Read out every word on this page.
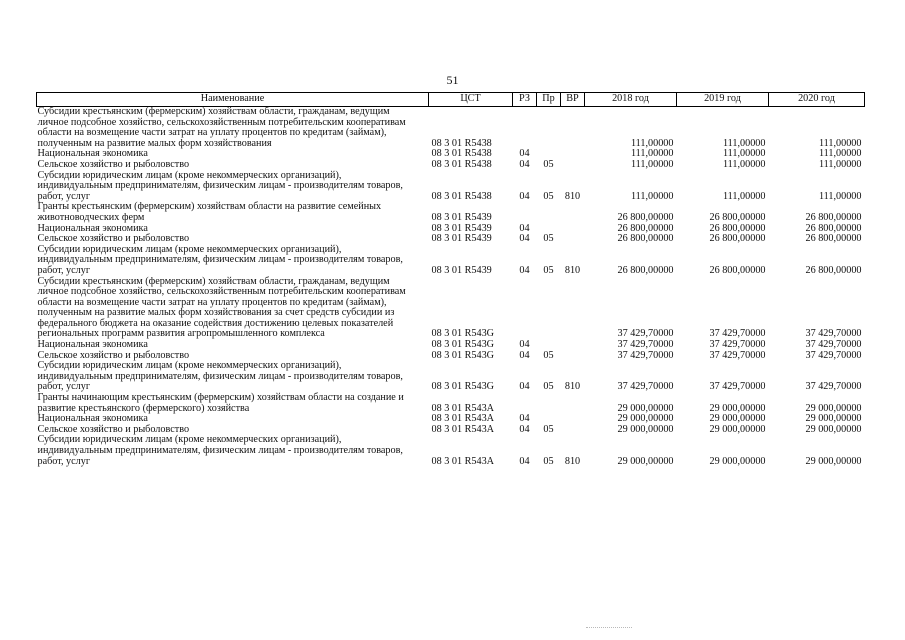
51
Наименование	ЦСТ	РЗ	Пр	ВР	2018 год	2019 год	2020 год
Субсидии крестьянским (фермерским) хозяйствам области, гражданам, ведущим личное подсобное хозяйство, сельскохозяйственным потребительским кооперативам области на возмещение части затрат на уплату процентов по кредитам (займам), полученным на развитие малых форм хозяйствования	08 3 01 R5438				111,00000	111,00000	111,00000
Национальная экономика	08 3 01 R5438	04			111,00000	111,00000	111,00000
Сельское хозяйство и рыболовство	08 3 01 R5438	04	05		111,00000	111,00000	111,00000
Субсидии юридическим лицам (кроме некоммерческих организаций), индивидуальным предпринимателям, физическим лицам - производителям товаров, работ, услуг	08 3 01 R5438	04	05	810	111,00000	111,00000	111,00000
Гранты крестьянским (фермерским) хозяйствам области на развитие семейных животноводческих ферм	08 3 01 R5439				26 800,00000	26 800,00000	26 800,00000
Национальная экономика	08 3 01 R5439	04			26 800,00000	26 800,00000	26 800,00000
Сельское хозяйство и рыболовство	08 3 01 R5439	04	05		26 800,00000	26 800,00000	26 800,00000
Субсидии юридическим лицам (кроме некоммерческих организаций), индивидуальным предпринимателям, физическим лицам - производителям товаров, работ, услуг	08 3 01 R5439	04	05	810	26 800,00000	26 800,00000	26 800,00000
Субсидии крестьянским (фермерским) хозяйствам области, гражданам, ведущим личное подсобное хозяйство, сельскохозяйственным потребительским кооперативам области на возмещение части затрат на уплату процентов по кредитам (займам), полученным на развитие малых форм хозяйствования за счет средств субсидии из федерального бюджета на оказание содействия достижению целевых показателей региональных программ развития агропромышленного комплекса	08 3 01 R543G				37 429,70000	37 429,70000	37 429,70000
Национальная экономика	08 3 01 R543G	04			37 429,70000	37 429,70000	37 429,70000
Сельское хозяйство и рыболовство	08 3 01 R543G	04	05		37 429,70000	37 429,70000	37 429,70000
Субсидии юридическим лицам (кроме некоммерческих организаций), индивидуальным предпринимателям, физическим лицам - производителям товаров, работ, услуг	08 3 01 R543G	04	05	810	37 429,70000	37 429,70000	37 429,70000
Гранты начинающим крестьянским (фермерским) хозяйствам области на создание и развитие крестьянского (фермерского) хозяйства	08 3 01 R543A				29 000,00000	29 000,00000	29 000,00000
Национальная экономика	08 3 01 R543A	04			29 000,00000	29 000,00000	29 000,00000
Сельское хозяйство и рыболовство	08 3 01 R543A	04	05		29 000,00000	29 000,00000	29 000,00000
Субсидии юридическим лицам (кроме некоммерческих организаций), индивидуальным предпринимателям, физическим лицам - производителям товаров, работ, услуг	08 3 01 R543A	04	05	810	29 000,00000	29 000,00000	29 000,00000
